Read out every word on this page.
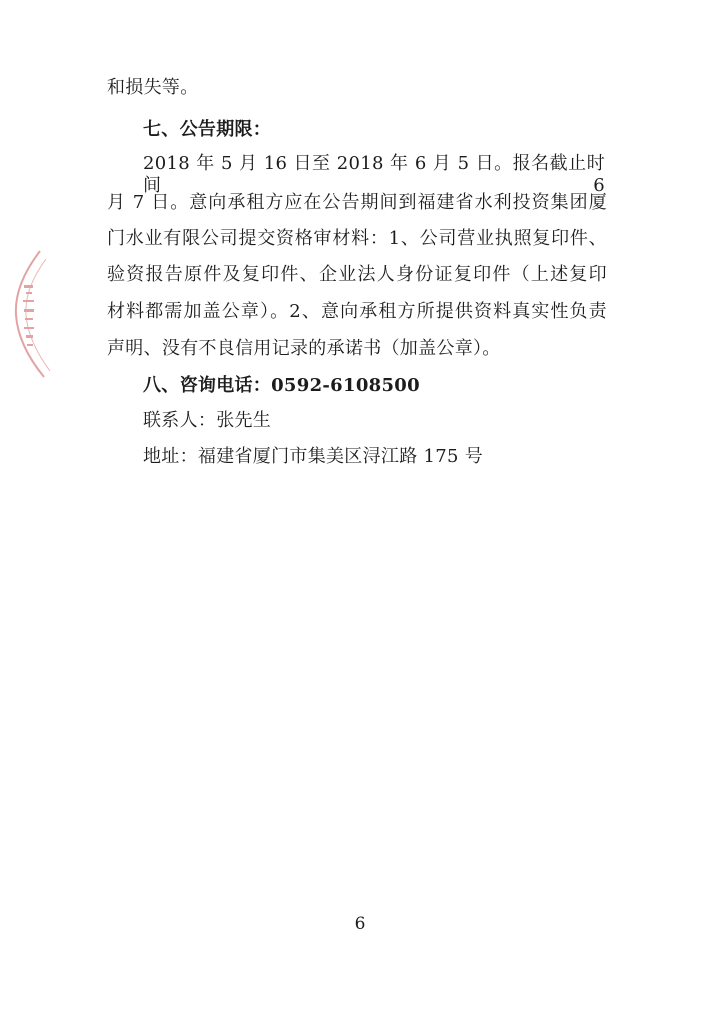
和损失等。
七、公告期限：
2018 年 5 月 16 日至 2018 年 6 月 5 日。报名截止时间 6
月 7 日。意向承租方应在公告期间到福建省水利投资集团厦
门水业有限公司提交资格审材料：1、公司营业执照复印件、
验资报告原件及复印件、企业法人身份证复印件（上述复印
材料都需加盖公章）。2、意向承租方所提供资料真实性负责
声明、没有不良信用记录的承诺书（加盖公章）。
八、咨询电话：0592-6108500
联系人：张先生
地址：福建省厦门市集美区浔江路 175 号
6
